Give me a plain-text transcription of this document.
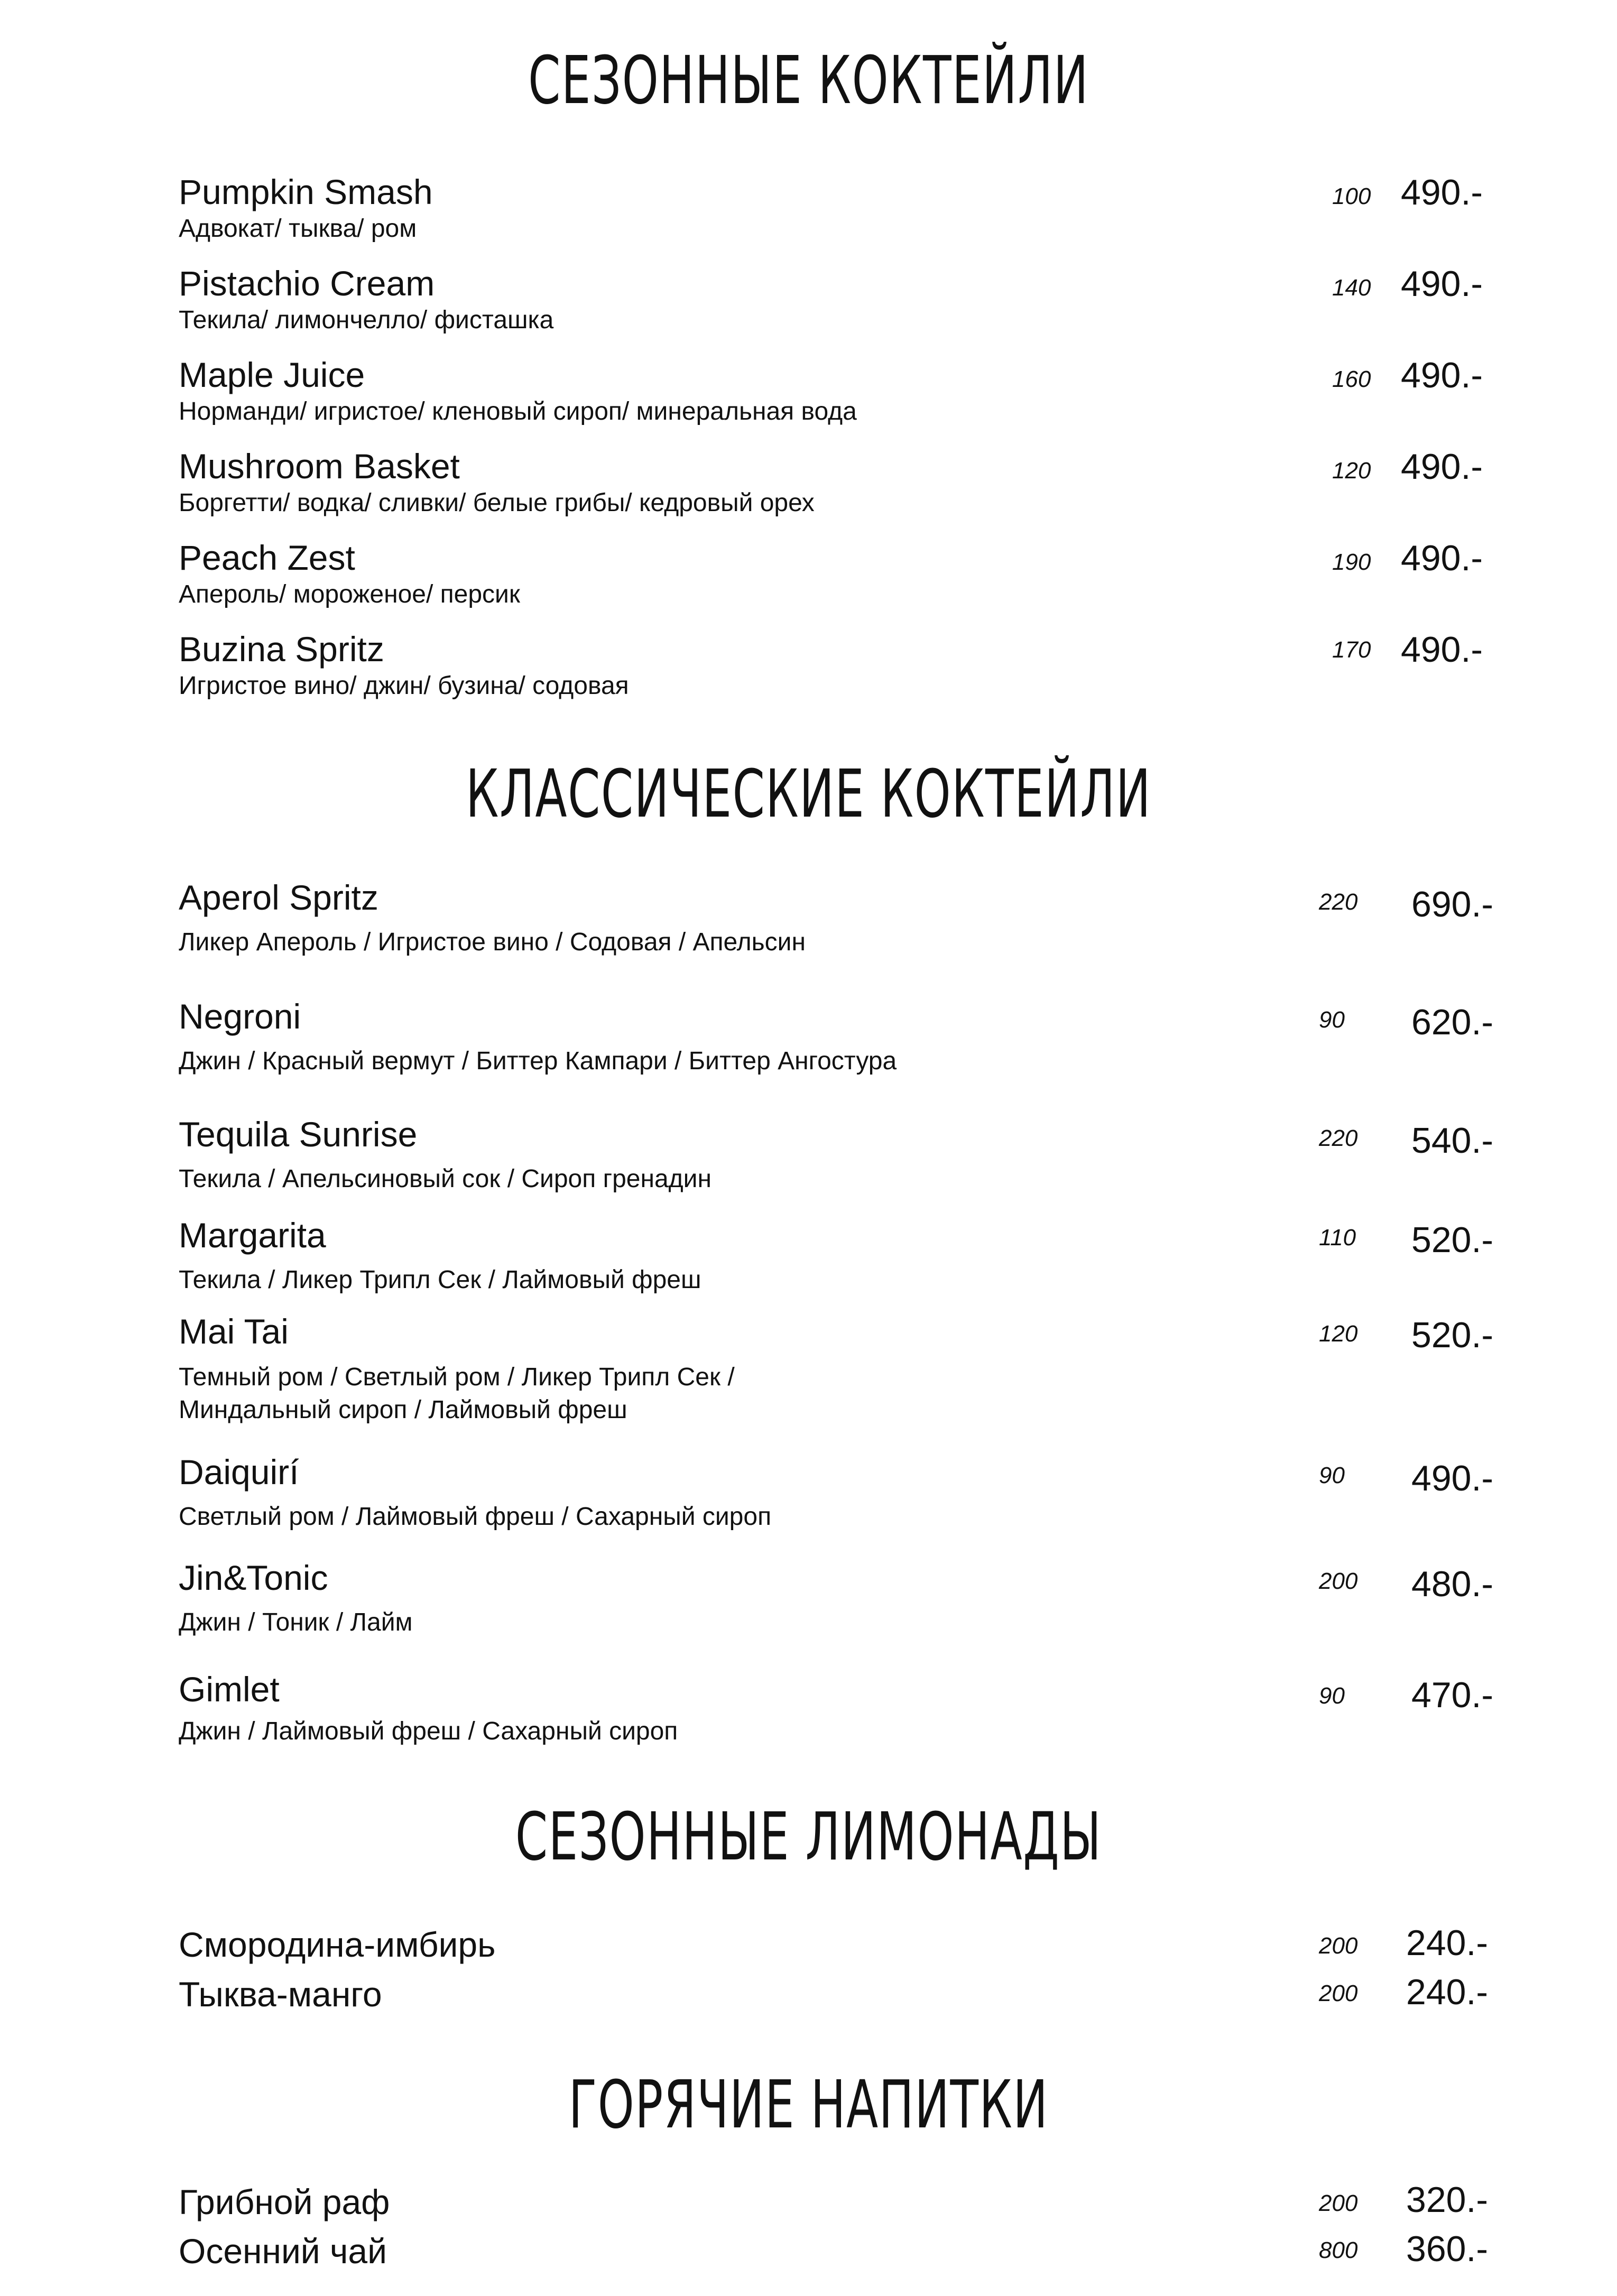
СЕЗОННЫЕ КОКТЕЙЛИ
Pumpkin Smash
Адвокат/ тыква/ ром
100 490.-
Pistachio Cream
Текила/ лимончелло/ фисташка
140 490.-
Maple Juice
Норманди/ игристое/ кленовый сироп/ минеральная вода
160 490.-
Mushroom Basket
Боргетти/ водка/ сливки/ белые грибы/ кедровый орех
120 490.-
Peach Zest
Апероль/ мороженое/ персик
190 490.-
Buzina Spritz
Игристое вино/ джин/ бузина/ содовая
170 490.-
КЛАССИЧЕСКИЕ КОКТЕЙЛИ
Aperol Spritz
Ликер Апероль / Игристое вино / Содовая / Апельсин
220	690.-
Negroni
Джин / Красный вермут / Биттер Кампари / Биттер Ангостура
90	620.-
Tequila Sunrise
Текила / Апельсиновый сок / Сироп гренадин
220	540.-
Margarita
Текила / Ликер Трипл Сек / Лаймовый фреш
110	520.-
Mai Tai
Темный ром / Светлый ром / Ликер Трипл Сек /
Миндальный сироп / Лаймовый фреш
120	520.-
Daiquirí
Светлый ром / Лаймовый фреш / Сахарный сироп
90	490.-
Jin&Tonic
Джин / Тоник / Лайм
200	480.-
Gimlet
Джин / Лаймовый фреш / Сахарный сироп
90	470.-
СЕЗОННЫЕ ЛИМОНАДЫ
Смородина-имбирь	200	240.-
Тыква-манго	200	240.-
ГОРЯЧИЕ НАПИТКИ
Грибной раф	200	320.-
Осенний чай	800	360.-
